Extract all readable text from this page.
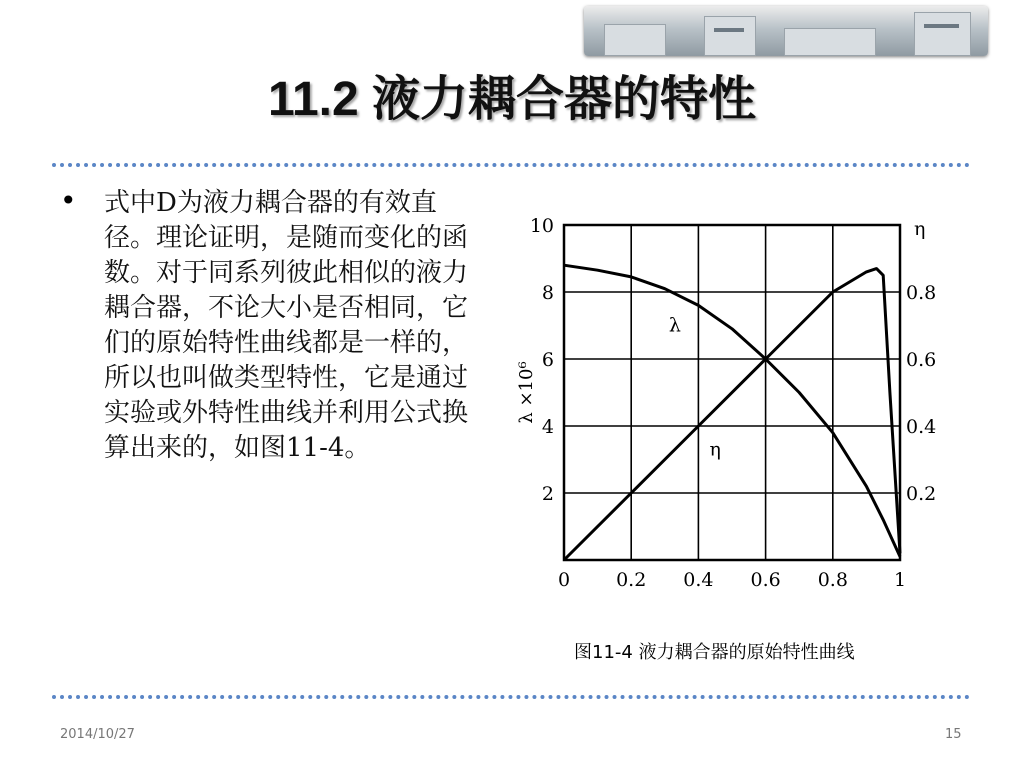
11.2 液力耦合器的特性
• 式中D为液力耦合器的有效直径。理论证明，是随而变化的函数。对于同系列彼此相似的液力耦合器，不论大小是否相同，它们的原始特性曲线都是一样的，所以也叫做类型特性，它是通过实验或外特性曲线并利用公式换算出来的，如图11-4。

0 0.2 0.4 0.6 0.8 1
2
4
6
8
10
0.2
0.4
0.6
0.8
λ ×10⁶
η
λ
η
图11-4 液力耦合器的原始特性曲线
2014/10/27	15
